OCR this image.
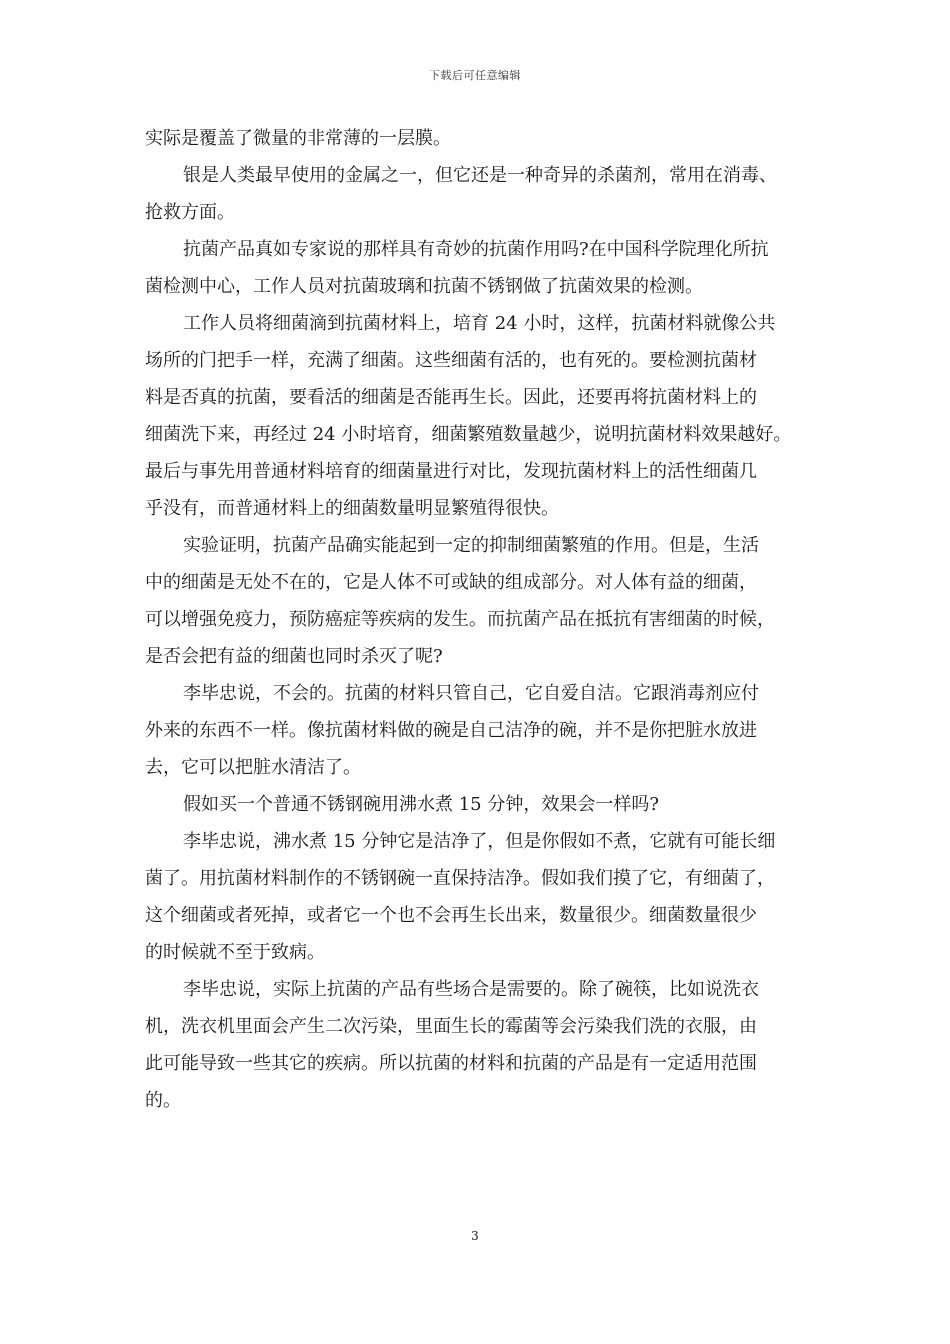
下载后可任意编辑
实际是覆盖了微量的非常薄的一层膜。
银是人类最早使用的金属之一，但它还是一种奇异的杀菌剂，常用在消毒、
抢救方面。
抗菌产品真如专家说的那样具有奇妙的抗菌作用吗?在中国科学院理化所抗
菌检测中心，工作人员对抗菌玻璃和抗菌不锈钢做了抗菌效果的检测。
工作人员将细菌滴到抗菌材料上，培育 24 小时，这样，抗菌材料就像公共
场所的门把手一样，充满了细菌。这些细菌有活的，也有死的。要检测抗菌材
料是否真的抗菌，要看活的细菌是否能再生长。因此，还要再将抗菌材料上的
细菌洗下来，再经过 24 小时培育，细菌繁殖数量越少，说明抗菌材料效果越好。
最后与事先用普通材料培育的细菌量进行对比，发现抗菌材料上的活性细菌几
乎没有，而普通材料上的细菌数量明显繁殖得很快。
实验证明，抗菌产品确实能起到一定的抑制细菌繁殖的作用。但是，生活
中的细菌是无处不在的，它是人体不可或缺的组成部分。对人体有益的细菌，
可以增强免疫力，预防癌症等疾病的发生。而抗菌产品在抵抗有害细菌的时候，
是否会把有益的细菌也同时杀灭了呢?
李毕忠说，不会的。抗菌的材料只管自己，它自爱自洁。它跟消毒剂应付
外来的东西不一样。像抗菌材料做的碗是自己洁净的碗，并不是你把脏水放进
去，它可以把脏水清洁了。
假如买一个普通不锈钢碗用沸水煮 15 分钟，效果会一样吗?
李毕忠说，沸水煮 15 分钟它是洁净了，但是你假如不煮，它就有可能长细
菌了。用抗菌材料制作的不锈钢碗一直保持洁净。假如我们摸了它，有细菌了，
这个细菌或者死掉，或者它一个也不会再生长出来，数量很少。细菌数量很少
的时候就不至于致病。
李毕忠说，实际上抗菌的产品有些场合是需要的。除了碗筷，比如说洗衣
机，洗衣机里面会产生二次污染，里面生长的霉菌等会污染我们洗的衣服，由
此可能导致一些其它的疾病。所以抗菌的材料和抗菌的产品是有一定适用范围
的。
3
